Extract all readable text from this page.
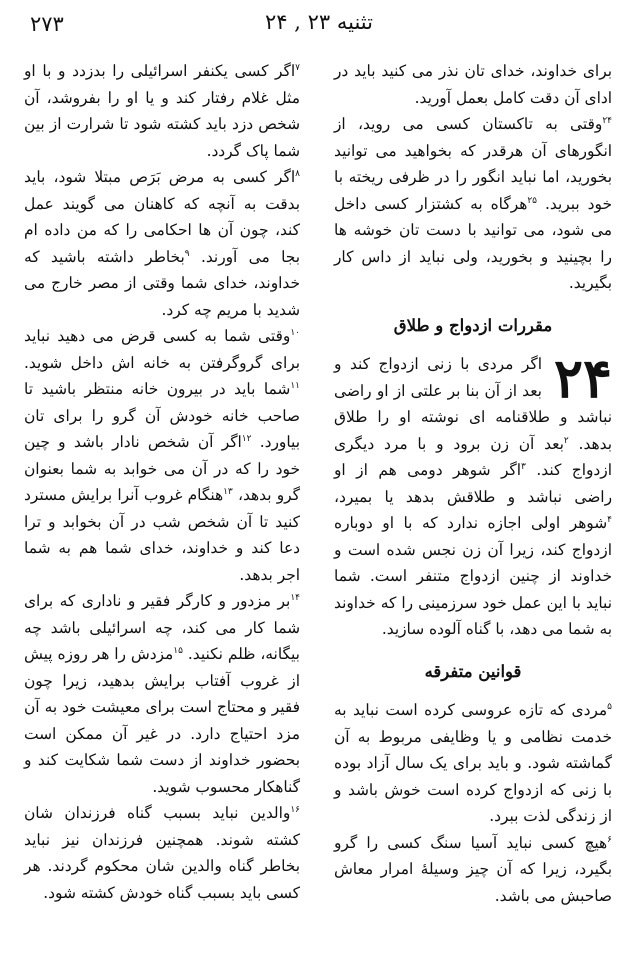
۲۷۳	تثنیه ۲۳ , ۲۴

برای خداوند، خدای تان نذر می کنید باید در ادای آن دقت کامل بعمل آورید.

$^{۲۴}$وقتی به تاکستان کسی می روید، از انگورهای آن هرقدر که بخواهید می توانید بخورید، اما نباید انگور را در ظرفی ریخته با خود ببرید. $^{۲۵}$هرگاه به کشتزار کسی داخل می شود، می توانید با دست تان خوشه ها را بچینید و بخورید، ولی نباید از داس کار بگیرید.

مقررات ازدواج و طلاق

۲۴
اگر مردی با زنی ازدواج کند و بعد از آن بنا بر علتی از او راضی نباشد و طلاقنامه ای نوشته او را طلاق بدهد. $^۲$بعد آن زن برود و با مرد دیگری ازدواج کند. $^۳$اگر شوهر دومی هم از او راضی نباشد و طلاقش بدهد یا بمیرد، $^۴$شوهر اولی اجازه ندارد که با او دوباره ازدواج کند، زیرا آن زن نجس شده است و خداوند از چنین ازدواج متنفر است. شما نباید با این عمل خود سرزمینی را که خداوند به شما می دهد، با گناه آلوده سازید.

قوانین متفرقه

$^۵$مردی که تازه عروسی کرده است نباید به خدمت نظامی و یا وظایفی مربوط به آن گماشته شود. و باید برای یک سال آزاد بوده با زنی که ازدواج کرده است خوش باشد و از زندگی لذت ببرد.

$^۶$هیچ کسی نباید آسیا سنگ کسی را گرو بگیرد، زیرا که آن چیز وسیلهٔ امرار معاش صاحبش می باشد.

$^۷$اگر کسی یکنفر اسرائیلی را بدزدد و با او مثل غلام رفتار کند و یا او را بفروشد، آن شخص دزد باید کشته شود تا شرارت از بین شما پاک گردد.

$^۸$اگر کسی به مرض بَرَص مبتلا شود، باید بدقت به آنچه که کاهنان می گویند عمل کند، چون آن ها احکامی را که من داده ام بجا می آورند. $^۹$بخاطر داشته باشید که خداوند، خدای شما وقتی از مصر خارج می شدید با مریم چه کرد.

$^{۱۰}$وقتی شما به کسی قرض می دهید نباید برای گروگرفتن به خانه اش داخل شوید. $^{۱۱}$شما باید در بیرون خانه منتظر باشید تا صاحب خانه خودش آن گرو را برای تان بیاورد. $^{۱۲}$اگر آن شخص نادار باشد و چین خود را که در آن می خوابد به شما بعنوان گرو بدهد، $^{۱۳}$هنگام غروب آنرا برایش مسترد کنید تا آن شخص شب در آن بخوابد و ترا دعا کند و خداوند، خدای شما هم به شما اجر بدهد.

$^{۱۴}$بر مزدور و کارگر فقیر و ناداری که برای شما کار می کند، چه اسرائیلی باشد چه بیگانه، ظلم نکنید. $^{۱۵}$مزدش را هر روزه پیش از غروب آفتاب برایش بدهید، زیرا چون فقیر و محتاج است برای معیشت خود به آن مزد احتیاج دارد. در غیر آن ممکن است بحضور خداوند از دست شما شکایت کند و گناهکار محسوب شوید.

$^{۱۶}$والدین نباید بسبب گناه فرزندان شان کشته شوند. همچنین فرزندان نیز نباید بخاطر گناه والدین شان محکوم گردند. هر کسی باید بسبب گناه خودش کشته شود.
